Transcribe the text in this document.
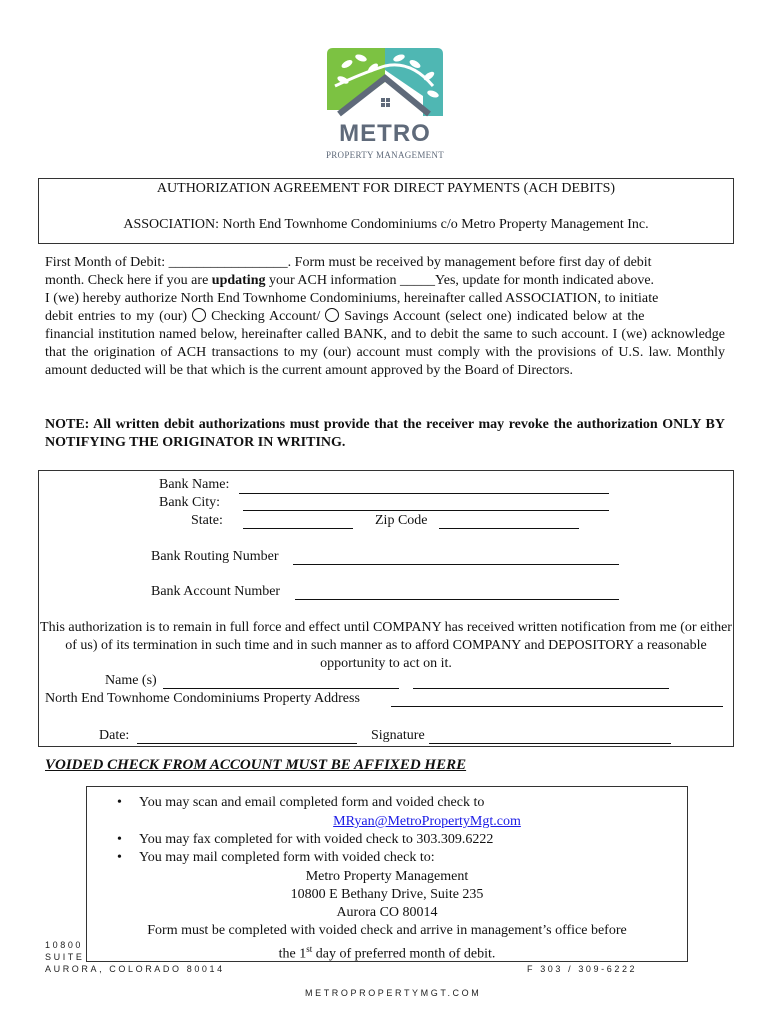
METRO
PROPERTY MANAGEMENT
AUTHORIZATION AGREEMENT FOR DIRECT PAYMENTS (ACH DEBITS)
ASSOCIATION: North End Townhome Condominiums c/o Metro Property Management Inc.
First Month of Debit: _________________. Form must be received by management before first day of debit
month. Check here if you are updating your ACH information _____Yes, update for month indicated above.
I (we) hereby authorize North End Townhome Condominiums, hereinafter called ASSOCIATION, to initiate
debit entries to my (our)  Checking Account/  Savings Account (select one) indicated below at the
financial institution named below, hereinafter called BANK, and to debit the same to such account. I (we) acknowledge that the origination of ACH transactions to my (our) account must comply with the provisions of U.S. law. Monthly amount deducted will be that which is the current amount approved by the Board of Directors.
NOTE: All written debit authorizations must provide that the receiver may revoke the authorization ONLY BY NOTIFYING THE ORIGINATOR IN WRITING.
Bank Name:
Bank City:
State:	Zip Code
Bank Routing Number
Bank Account Number
This authorization is to remain in full force and effect until COMPANY has received written notification from me (or either of us) of its termination in such time and in such manner as to afford COMPANY and DEPOSITORY a reasonable opportunity to act on it.
Name (s)
North End Townhome Condominiums Property Address
Date:	Signature
VOIDED CHECK FROM ACCOUNT MUST BE AFFIXED HERE
10800
SUITE
• You may scan and email completed form and voided check to
MRyan@MetroPropertyMgt.com
• You may fax completed for with voided check to 303.309.6222
• You may mail completed form with voided check to:
Metro Property Management
10800 E Bethany Drive, Suite 235
Aurora CO 80014
Form must be completed with voided check and arrive in management’s office before
the 1st day of preferred month of debit.
AURORA, COLORADO 80014	F 303 / 309-6222
METROPROPERTYMGT.COM
